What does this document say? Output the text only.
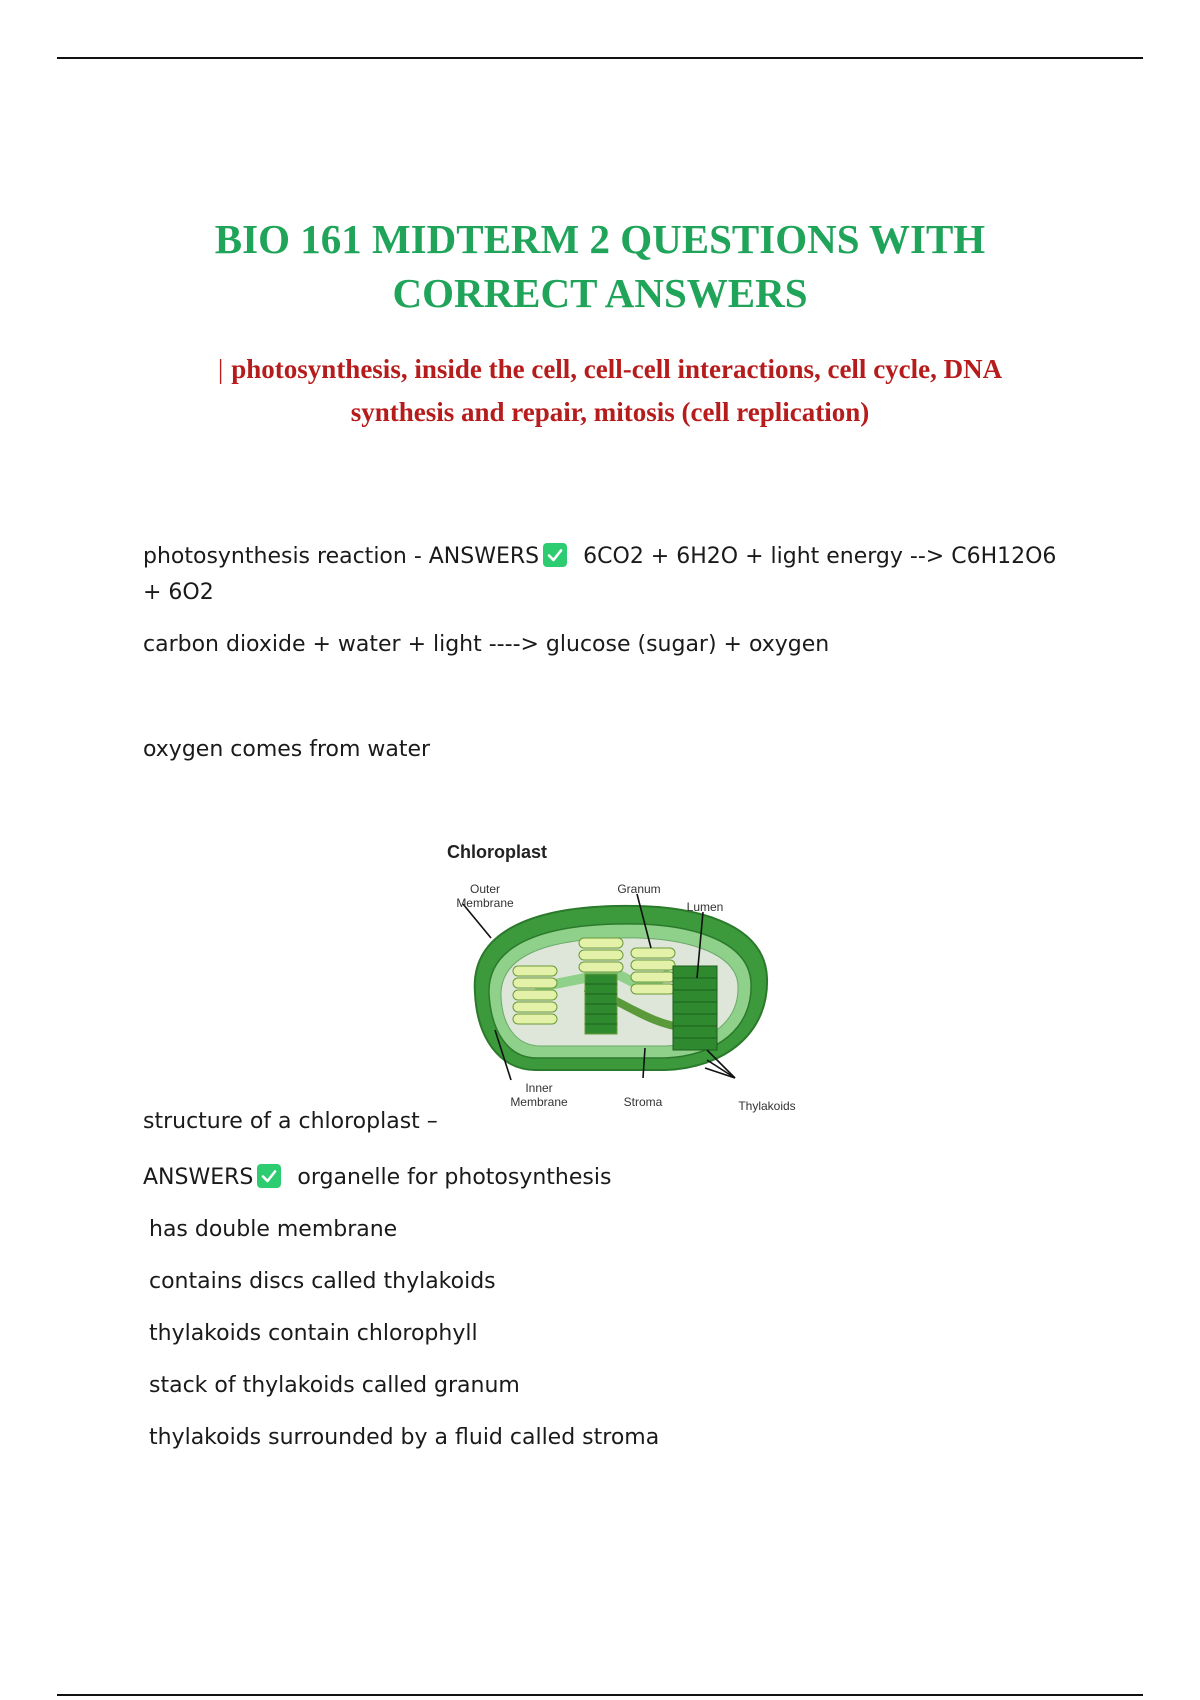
BIO 161 MIDTERM 2 QUESTIONS WITH
CORRECT ANSWERS
| photosynthesis, inside the cell, cell-cell interactions, cell cycle, DNA
synthesis and repair, mitosis (cell replication)
photosynthesis reaction - ANSWERS 6CO2 + 6H2O + light energy --> C6H12O6
+ 6O2
carbon dioxide + water + light ----> glucose (sugar) + oxygen
oxygen comes from water
Chloroplast
Outer
Membrane
Granum
Lumen
Inner
Membrane	Stroma	Thylakoids
structure of a chloroplast –
ANSWERS organelle for photosynthesis
has double membrane
contains discs called thylakoids
thylakoids contain chlorophyll
stack of thylakoids called granum
thylakoids surrounded by a fluid called stroma
